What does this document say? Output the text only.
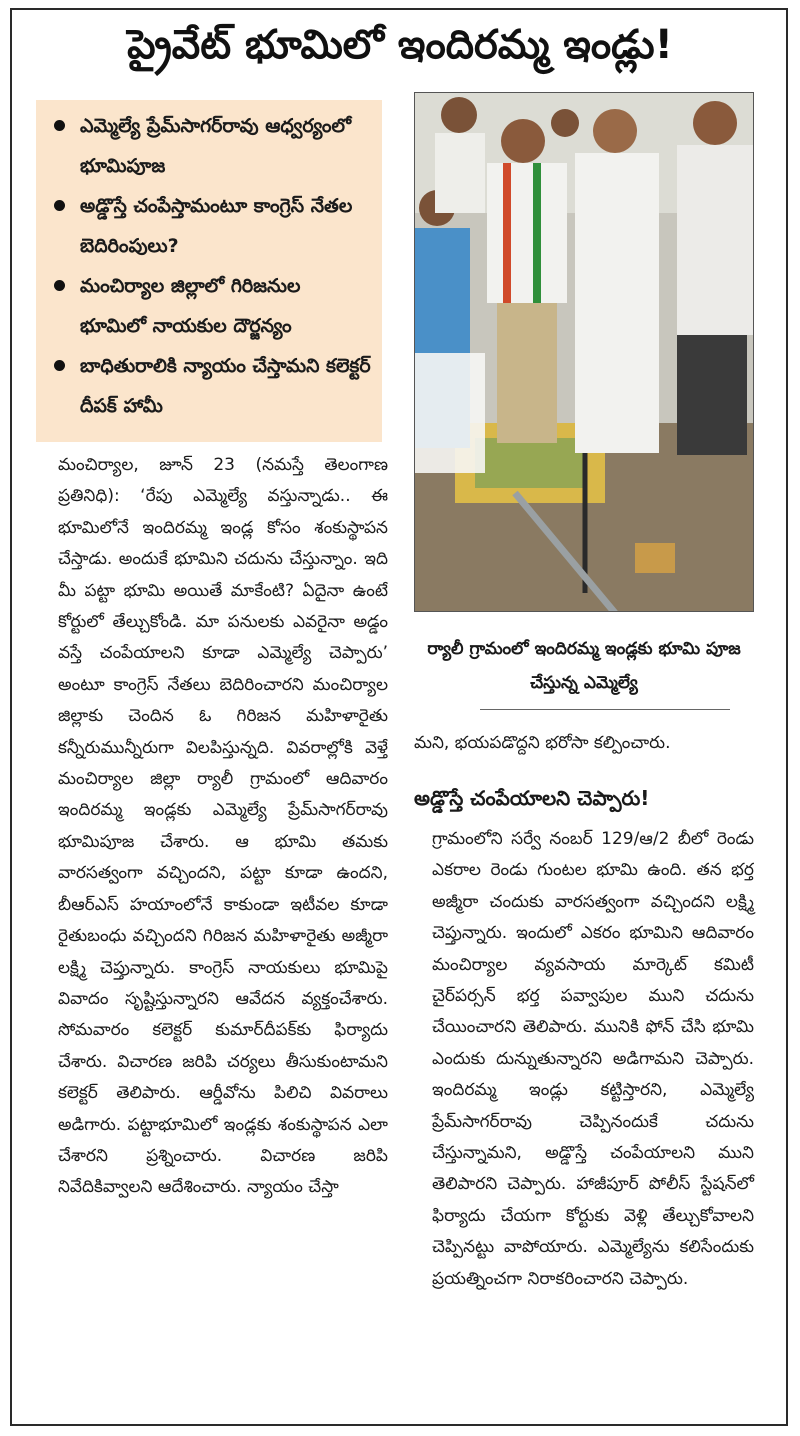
ప్రైవేట్ భూమిలో ఇందిరమ్మ ఇండ్లు!
ఎమ్మెల్యే ప్రేమ్‌సాగర్‌రావు ఆధ్వర్యంలో భూమిపూజ
అడ్డొస్తే చంపేస్తామంటూ కాంగ్రెస్ నేతల బెదిరింపులు?
మంచిర్యాల జిల్లాలో గిరిజనుల భూమిలో నాయకుల దౌర్జన్యం
బాధితురాలికి న్యాయం చేస్తామని కలెక్టర్ దీపక్ హామీ
ర్యాలీ గ్రామంలో ఇందిరమ్మ ఇండ్లకు భూమి పూజ చేస్తున్న ఎమ్మెల్యే

మంచిర్యాల, జూన్ 23 (నమస్తే తెలంగాణ ప్రతినిధి): ‘రేపు ఎమ్మెల్యే వస్తున్నాడు.. ఈ భూమిలోనే ఇందిరమ్మ ఇండ్ల కోసం శంకుస్థాపన చేస్తాడు. అందుకే భూమిని చదును చేస్తున్నాం. ఇది మీ పట్టా భూమి అయితే మాకేంటి? ఏదైనా ఉంటే కోర్టులో తేల్చుకోండి. మా పనులకు ఎవరైనా అడ్డం వస్తే చంపేయాలని కూడా ఎమ్మెల్యే చెప్పారు’ అంటూ కాంగ్రెస్ నేతలు బెదిరించారని మంచిర్యాల జిల్లాకు చెందిన ఓ గిరిజన మహిళారైతు కన్నీరుమున్నీరుగా విలపిస్తున్నది. వివరాల్లోకి వెళ్తే మంచిర్యాల జిల్లా ర్యాలీ గ్రామంలో ఆదివారం ఇందిరమ్మ ఇండ్లకు ఎమ్మెల్యే ప్రేమ్‌సాగర్‌రావు భూమిపూజ చేశారు. ఆ భూమి తమకు వారసత్వంగా వచ్చిందని, పట్టా కూడా ఉందని, బీఆర్‌ఎస్ హయాంలోనే కాకుండా ఇటీవల కూడా రైతుబంధు వచ్చిందని గిరిజన మహిళారైతు అజ్మీరా లక్ష్మి చెప్తున్నారు. కాంగ్రెస్ నాయకులు భూమిపై వివాదం సృష్టిస్తున్నారని ఆవేదన వ్యక్తంచేశారు. సోమవారం కలెక్టర్ కుమార్‌దీపక్‌కు ఫిర్యాదు చేశారు. విచారణ జరిపి చర్యలు తీసుకుంటామని కలెక్టర్ తెలిపారు. ఆర్డీవోను పిలిచి వివరాలు అడిగారు. పట్టాభూమిలో ఇండ్లకు శంకుస్థాపన ఎలా చేశారని ప్రశ్నించారు. విచారణ జరిపి నివేదికివ్వాలని ఆదేశించారు. న్యాయం చేస్తా

మని, భయపడొద్దని భరోసా కల్పించారు.

అడ్డొస్తే చంపేయాలని చెప్పారు!

గ్రామంలోని సర్వే నంబర్ 129/ఆ/2 బీలో రెండు ఎకరాల రెండు గుంటల భూమి ఉంది. తన భర్త అజ్మీరా చందుకు వారసత్వంగా వచ్చిందని లక్ష్మి చెప్తున్నారు. ఇందులో ఎకరం భూమిని ఆదివారం మంచిర్యాల వ్యవసాయ మార్కెట్ కమిటీ చైర్‌పర్సన్ భర్త పవ్వాపుల ముని చదును చేయించారని తెలిపారు. మునికి ఫోన్ చేసి భూమి ఎందుకు దున్నుతున్నారని అడిగామని చెప్పారు. ఇందిరమ్మ ఇండ్లు కట్టిస్తారని, ఎమ్మెల్యే ప్రేమ్‌సాగర్‌రావు చెప్పినందుకే చదును చేస్తున్నామని, అడ్డొస్తే చంపేయాలని ముని తెలిపారని చెప్పారు. హాజీపూర్ పోలీస్ స్టేషన్‌లో ఫిర్యాదు చేయగా కోర్టుకు వెళ్లి తేల్చుకోవాలని చెప్పినట్టు వాపోయారు. ఎమ్మెల్యేను కలిసేందుకు ప్రయత్నించగా నిరాకరించారని చెప్పారు.
